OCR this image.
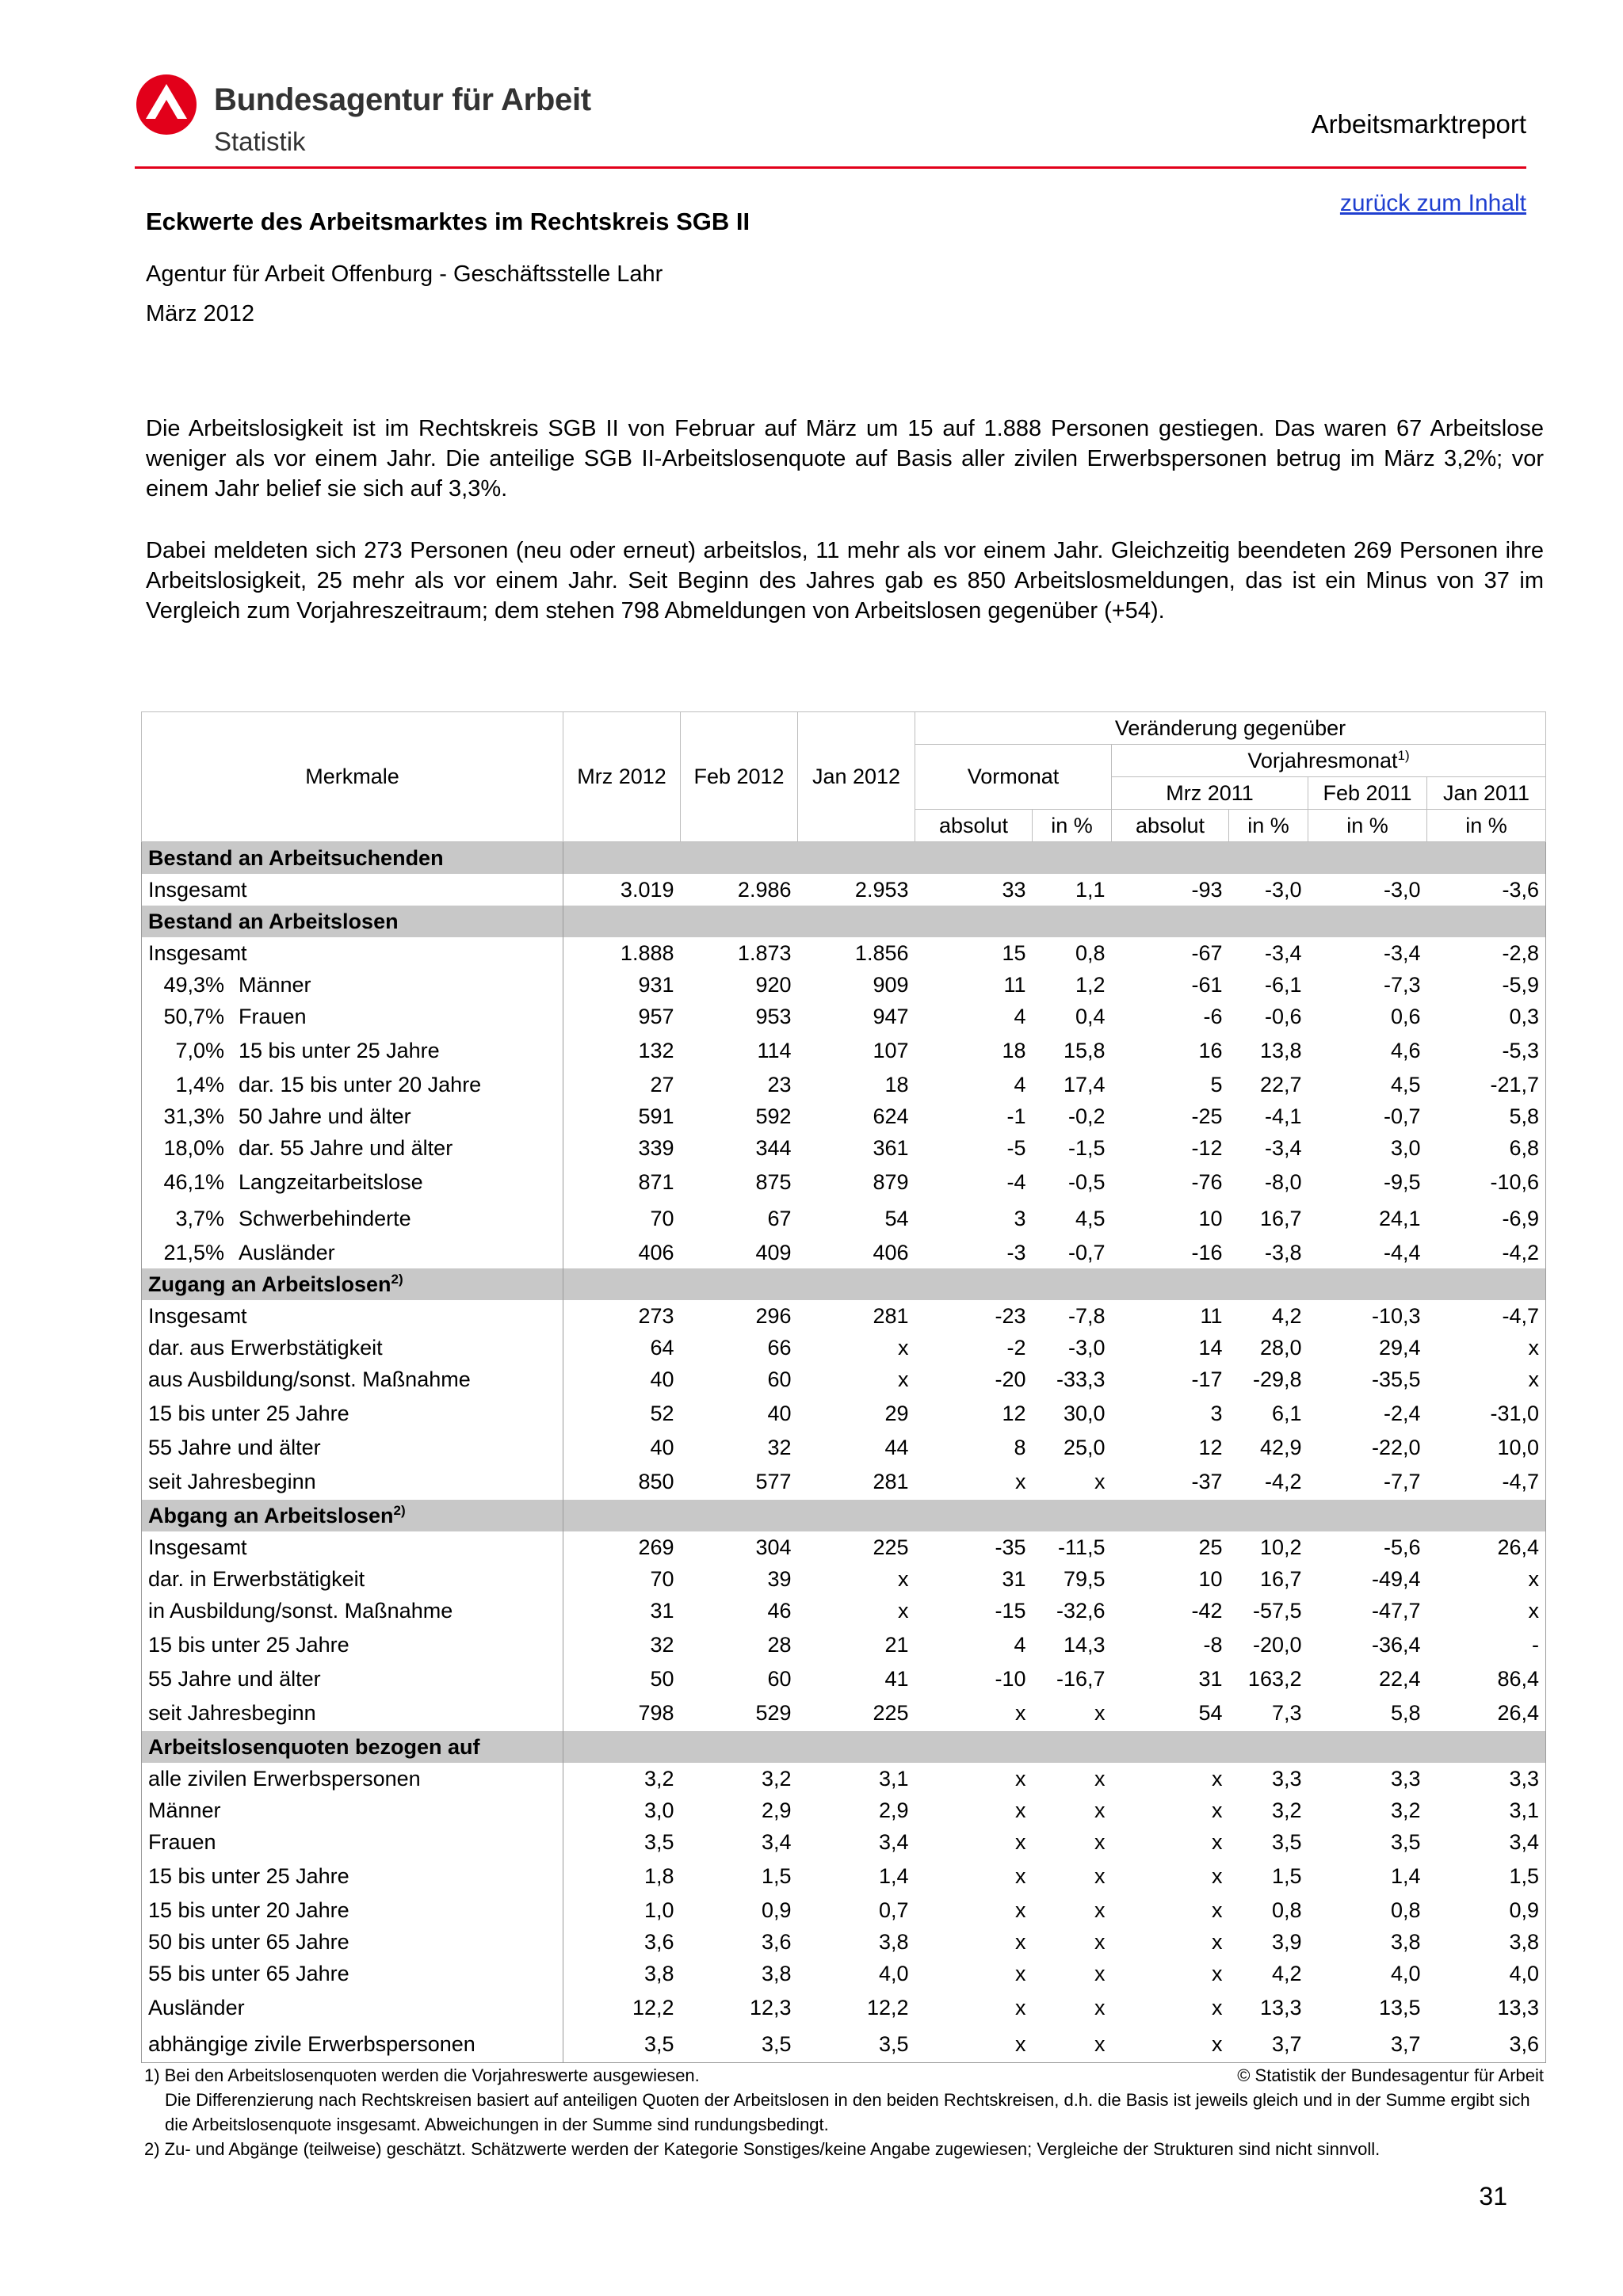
Bundesagentur für Arbeit
Statistik
Arbeitsmarktreport
zurück zum Inhalt
Eckwerte des Arbeitsmarktes im Rechtskreis SGB II
Agentur für Arbeit Offenburg - Geschäftsstelle Lahr
März 2012
Die Arbeitslosigkeit ist im Rechtskreis SGB II von Februar auf März um 15 auf 1.888 Personen gestiegen. Das waren 67 Arbeitslose weniger als vor einem Jahr. Die anteilige SGB II-Arbeitslosenquote auf Basis aller zivilen Erwerbspersonen betrug im März 3,2%; vor einem Jahr belief sie sich auf 3,3%.
Dabei meldeten sich 273 Personen (neu oder erneut) arbeitslos, 11 mehr als vor einem Jahr. Gleichzeitig beendeten 269 Personen ihre Arbeitslosigkeit, 25 mehr als vor einem Jahr. Seit Beginn des Jahres gab es 850 Arbeitslosmeldungen, das ist ein Minus von 37 im Vergleich zum Vorjahreszeitraum; dem stehen 798 Abmeldungen von Arbeitslosen gegenüber (+54).
Merkmale	Mrz 2012	Feb 2012	Jan 2012	Veränderung gegenüber					
				Vormonat		Vorjahresmonat$^{1)}$
						Mrz 2011		Feb 2011	Jan 2011
				absolut	in %	absolut	in %	in %	in %
Bestand an Arbeitsuchenden									
Insgesamt	3.019	2.986	2.953	33	1,1	-93	-3,0	-3,0	-3,6
Bestand an Arbeitslosen									
Insgesamt	1.888	1.873	1.856	15	0,8	-67	-3,4	-3,4	-2,8
49,3% Männer	931	920	909	11	1,2	-61	-6,1	-7,3	-5,9
50,7% Frauen	957	953	947	4	0,4	-6	-0,6	0,6	0,3
7,0% 15 bis unter 25 Jahre	132	114	107	18	15,8	16	13,8	4,6	-5,3
1,4% dar. 15 bis unter 20 Jahre	27	23	18	4	17,4	5	22,7	4,5	-21,7
31,3% 50 Jahre und älter	591	592	624	-1	-0,2	-25	-4,1	-0,7	5,8
18,0% dar. 55 Jahre und älter	339	344	361	-5	-1,5	-12	-3,4	3,0	6,8
46,1% Langzeitarbeitslose	871	875	879	-4	-0,5	-76	-8,0	-9,5	-10,6
3,7% Schwerbehinderte	70	67	54	3	4,5	10	16,7	24,1	-6,9
21,5% Ausländer	406	409	406	-3	-0,7	-16	-3,8	-4,4	-4,2
Zugang an Arbeitslosen$^{2)}$	
Insgesamt	273	296	281	-23	-7,8	11	4,2	-10,3	-4,7
dar. aus Erwerbstätigkeit	64	66	x	-2	-3,0	14	28,0	29,4	x
aus Ausbildung/sonst. Maßnahme	40	60	x	-20	-33,3	-17	-29,8	-35,5	x
15 bis unter 25 Jahre	52	40	29	12	30,0	3	6,1	-2,4	-31,0
55 Jahre und älter	40	32	44	8	25,0	12	42,9	-22,0	10,0
seit Jahresbeginn	850	577	281	x	x	-37	-4,2	-7,7	-4,7
Abgang an Arbeitslosen$^{2)}$	
Insgesamt	269	304	225	-35	-11,5	25	10,2	-5,6	26,4
dar. in Erwerbstätigkeit	70	39	x	31	79,5	10	16,7	-49,4	x
in Ausbildung/sonst. Maßnahme	31	46	x	-15	-32,6	-42	-57,5	-47,7	x
15 bis unter 25 Jahre	32	28	21	4	14,3	-8	-20,0	-36,4	-
55 Jahre und älter	50	60	41	-10	-16,7	31	163,2	22,4	86,4
seit Jahresbeginn	798	529	225	x	x	54	7,3	5,8	26,4
Arbeitslosenquoten bezogen auf									
alle zivilen Erwerbspersonen	3,2	3,2	3,1	x	x	x	3,3	3,3	3,3
Männer	3,0	2,9	2,9	x	x	x	3,2	3,2	3,1
Frauen	3,5	3,4	3,4	x	x	x	3,5	3,5	3,4
15 bis unter 25 Jahre	1,8	1,5	1,4	x	x	x	1,5	1,4	1,5
15 bis unter 20 Jahre	1,0	0,9	0,7	x	x	x	0,8	0,8	0,9
50 bis unter 65 Jahre	3,6	3,6	3,8	x	x	x	3,9	3,8	3,8
55 bis unter 65 Jahre	3,8	3,8	4,0	x	x	x	4,2	4,0	4,0
Ausländer	12,2	12,3	12,2	x	x	x	13,3	13,5	13,3
abhängige zivile Erwerbspersonen	3,5	3,5	3,5	x	x	x	3,7	3,7	3,6
1) Bei den Arbeitslosenquoten werden die Vorjahreswerte ausgewiesen.	© Statistik der Bundesagentur für Arbeit
Die Differenzierung nach Rechtskreisen basiert auf anteiligen Quoten der Arbeitslosen in den beiden Rechtskreisen, d.h. die Basis ist jeweils gleich und in der Summe ergibt sich die Arbeitslosenquote insgesamt. Abweichungen in der Summe sind rundungsbedingt.
2) Zu- und Abgänge (teilweise) geschätzt. Schätzwerte werden der Kategorie Sonstiges/keine Angabe zugewiesen; Vergleiche der Strukturen sind nicht sinnvoll.
31
